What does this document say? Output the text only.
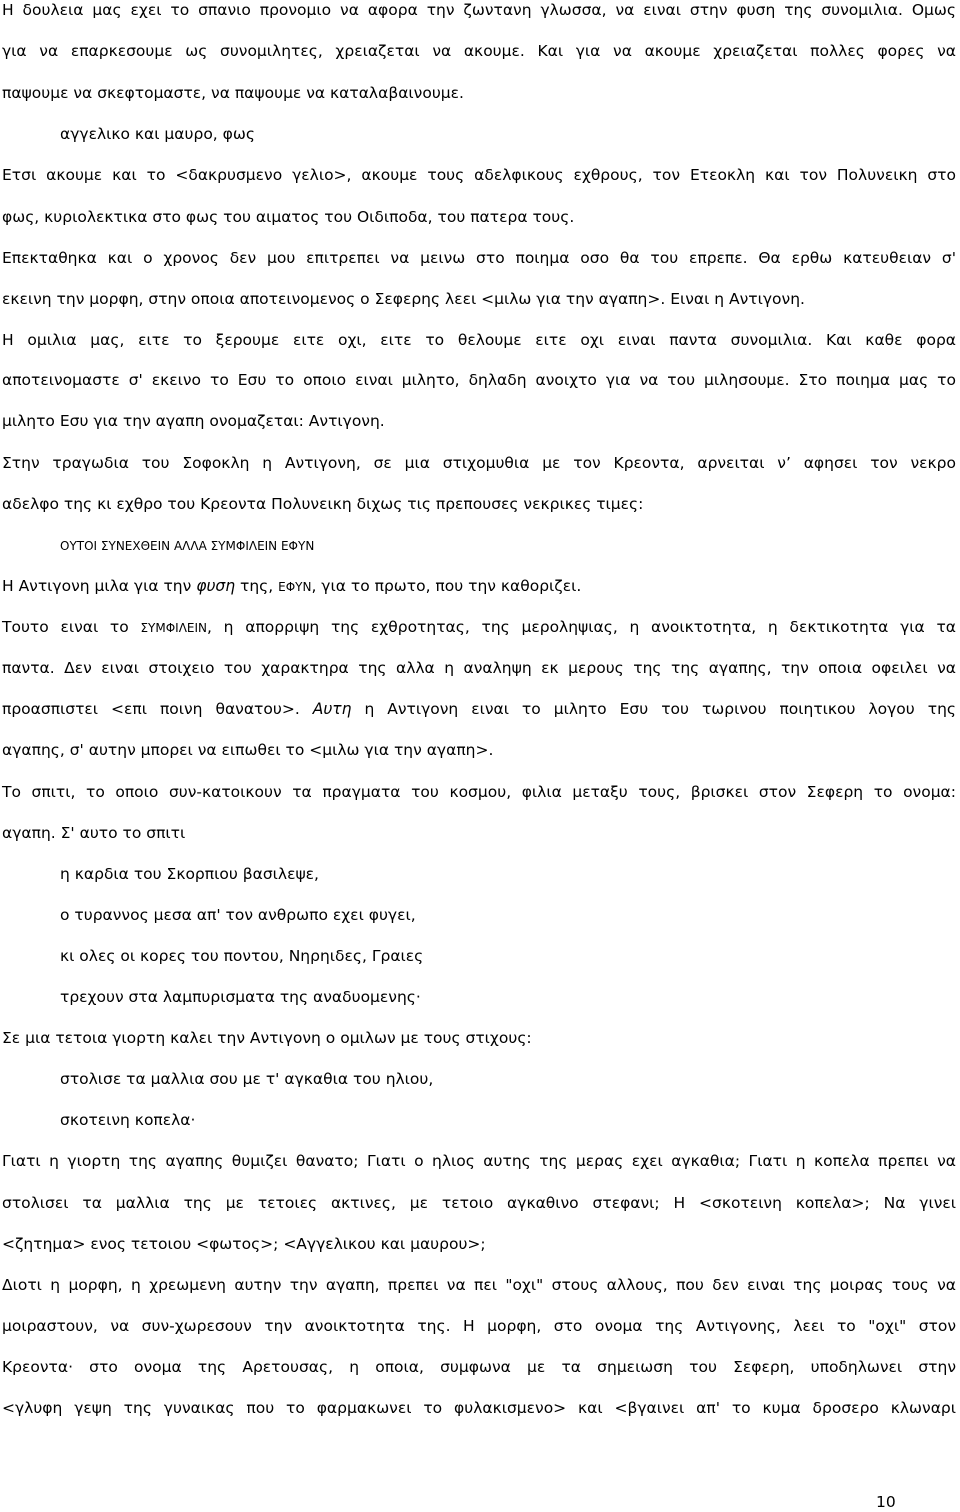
Η δουλεια μας εχει το σπανιο προνομιο να αφορα την ζωντανη γλωσσα, να ειναι στην φυση της συνομιλια. Ομως
για να επαρκεσουμε ως συνομιλητες, χρειαζεται να ακουμε. Και για να ακουμε χρειαζεται πολλες φορες να
παψουμε να σκεφτομαστε, να παψουμε να καταλαβαινουμε.
αγγελικο και μαυρο, φως
Ετσι ακουμε και το <δακρυσμενο γελιο>, ακουμε τους αδελφικους εχθρους, τον Ετεοκλη και τον Πολυνεικη στο
φως, κυριολεκτικα στο φως του αιματος του Οιδιποδα, του πατερα τους.
Επεκταθηκα και ο χρονος δεν μου επιτρεπει να μεινω στο ποιημα οσο θα του επρεπε. Θα ερθω κατευθειαν σ'
εκεινη την μορφη, στην οποια αποτεινομενος ο Σεφερης λεει <μιλω για την αγαπη>. Ειναι η Αντιγονη.
Η ομιλια μας, ειτε το ξερουμε ειτε οχι, ειτε το θελουμε ειτε οχι ειναι παντα συνομιλια. Και καθε φορα
αποτεινομαστε σ' εκεινο το Εσυ το οποιο ειναι μιλητο, δηλαδη ανοιχτο για να του μιλησουμε. Στο ποιημα μας το
μιλητο Εσυ για την αγαπη ονομαζεται: Αντιγονη.
Στην τραγωδια του Σοφοκλη η Αντιγονη, σε μια στιχομυθια με τον Κρεοντα, αρνειται ν’ αφησει τον νεκρο
αδελφο της κι εχθρο του Κρεοντα Πολυνεικη διχως τις πρεπουσες νεκρικες τιμες:
ΟΥΤΟΙ ΣΥΝΕΧΘΕΙΝ ΑΛΛΑ ΣΥΜΦΙΛΕΙΝ ΕΦΥΝ
Η Αντιγονη μιλα για την φυση της, ΕΦΥΝ, για το πρωτο, που την καθοριζει.
Τουτο ειναι το ΣΥΜΦΙΛΕΙΝ, η απορριψη της εχθροτητας, της μεροληψιας, η ανοικτοτητα, η δεκτικοτητα για τα
παντα. Δεν ειναι στοιχειο του χαρακτηρα της αλλα η αναληψη εκ μερους της της αγαπης, την οποια οφειλει να
προασπιστει <επι ποινη θανατου>. Αυτη η Αντιγονη ειναι το μιλητο Εσυ του τωρινου ποιητικου λογου της
αγαπης, σ' αυτην μπορει να ειπωθει το <μιλω για την αγαπη>.
Το σπιτι, το οποιο συν-κατοικουν τα πραγματα του κοσμου, φιλια μεταξυ τους, βρισκει στον Σεφερη το ονομα:
αγαπη. Σ' αυτο το σπιτι
η καρδια του Σκορπιου βασιλεψε,
ο τυραννος μεσα απ' τον ανθρωπο εχει φυγει,
κι ολες οι κορες του ποντου, Νηρηιδες, Γραιες
τρεχουν στα λαμπυρισματα της αναδυομενης·
Σε μια τετοια γιορτη καλει την Αντιγονη ο ομιλων με τους στιχους:
στολισε τα μαλλια σου με τ' αγκαθια του ηλιου,
σκοτεινη κοπελα·
Γιατι η γιορτη της αγαπης θυμιζει θανατο; Γιατι ο ηλιος αυτης της μερας εχει αγκαθια; Γιατι η κοπελα πρεπει να
στολισει τα μαλλια της με τετοιες ακτινες, με τετοιο αγκαθινο στεφανι; Η <σκοτεινη κοπελα>; Να γινει
<ζητημα> ενος τετοιου <φωτος>; <Αγγελικου και μαυρου>;
Διοτι η μορφη, η χρεωμενη αυτην την αγαπη, πρεπει να πει "οχι" στους αλλους, που δεν ειναι της μοιρας τους να
μοιραστουν, να συν-χωρεσουν την ανοικτοτητα της. Η μορφη, στο ονομα της Αντιγονης, λεει το "οχι" στον
Κρεοντα· στο ονομα της Αρετουσας, η οποια, συμφωνα με τα σημειωση του Σεφερη, υποδηλωνει στην
<γλυφη γεψη της γυναικας που το φαρμακωνει το φυλακισμενο> και <βγαινει απ' το κυμα δροσερο κλωναρι
10
